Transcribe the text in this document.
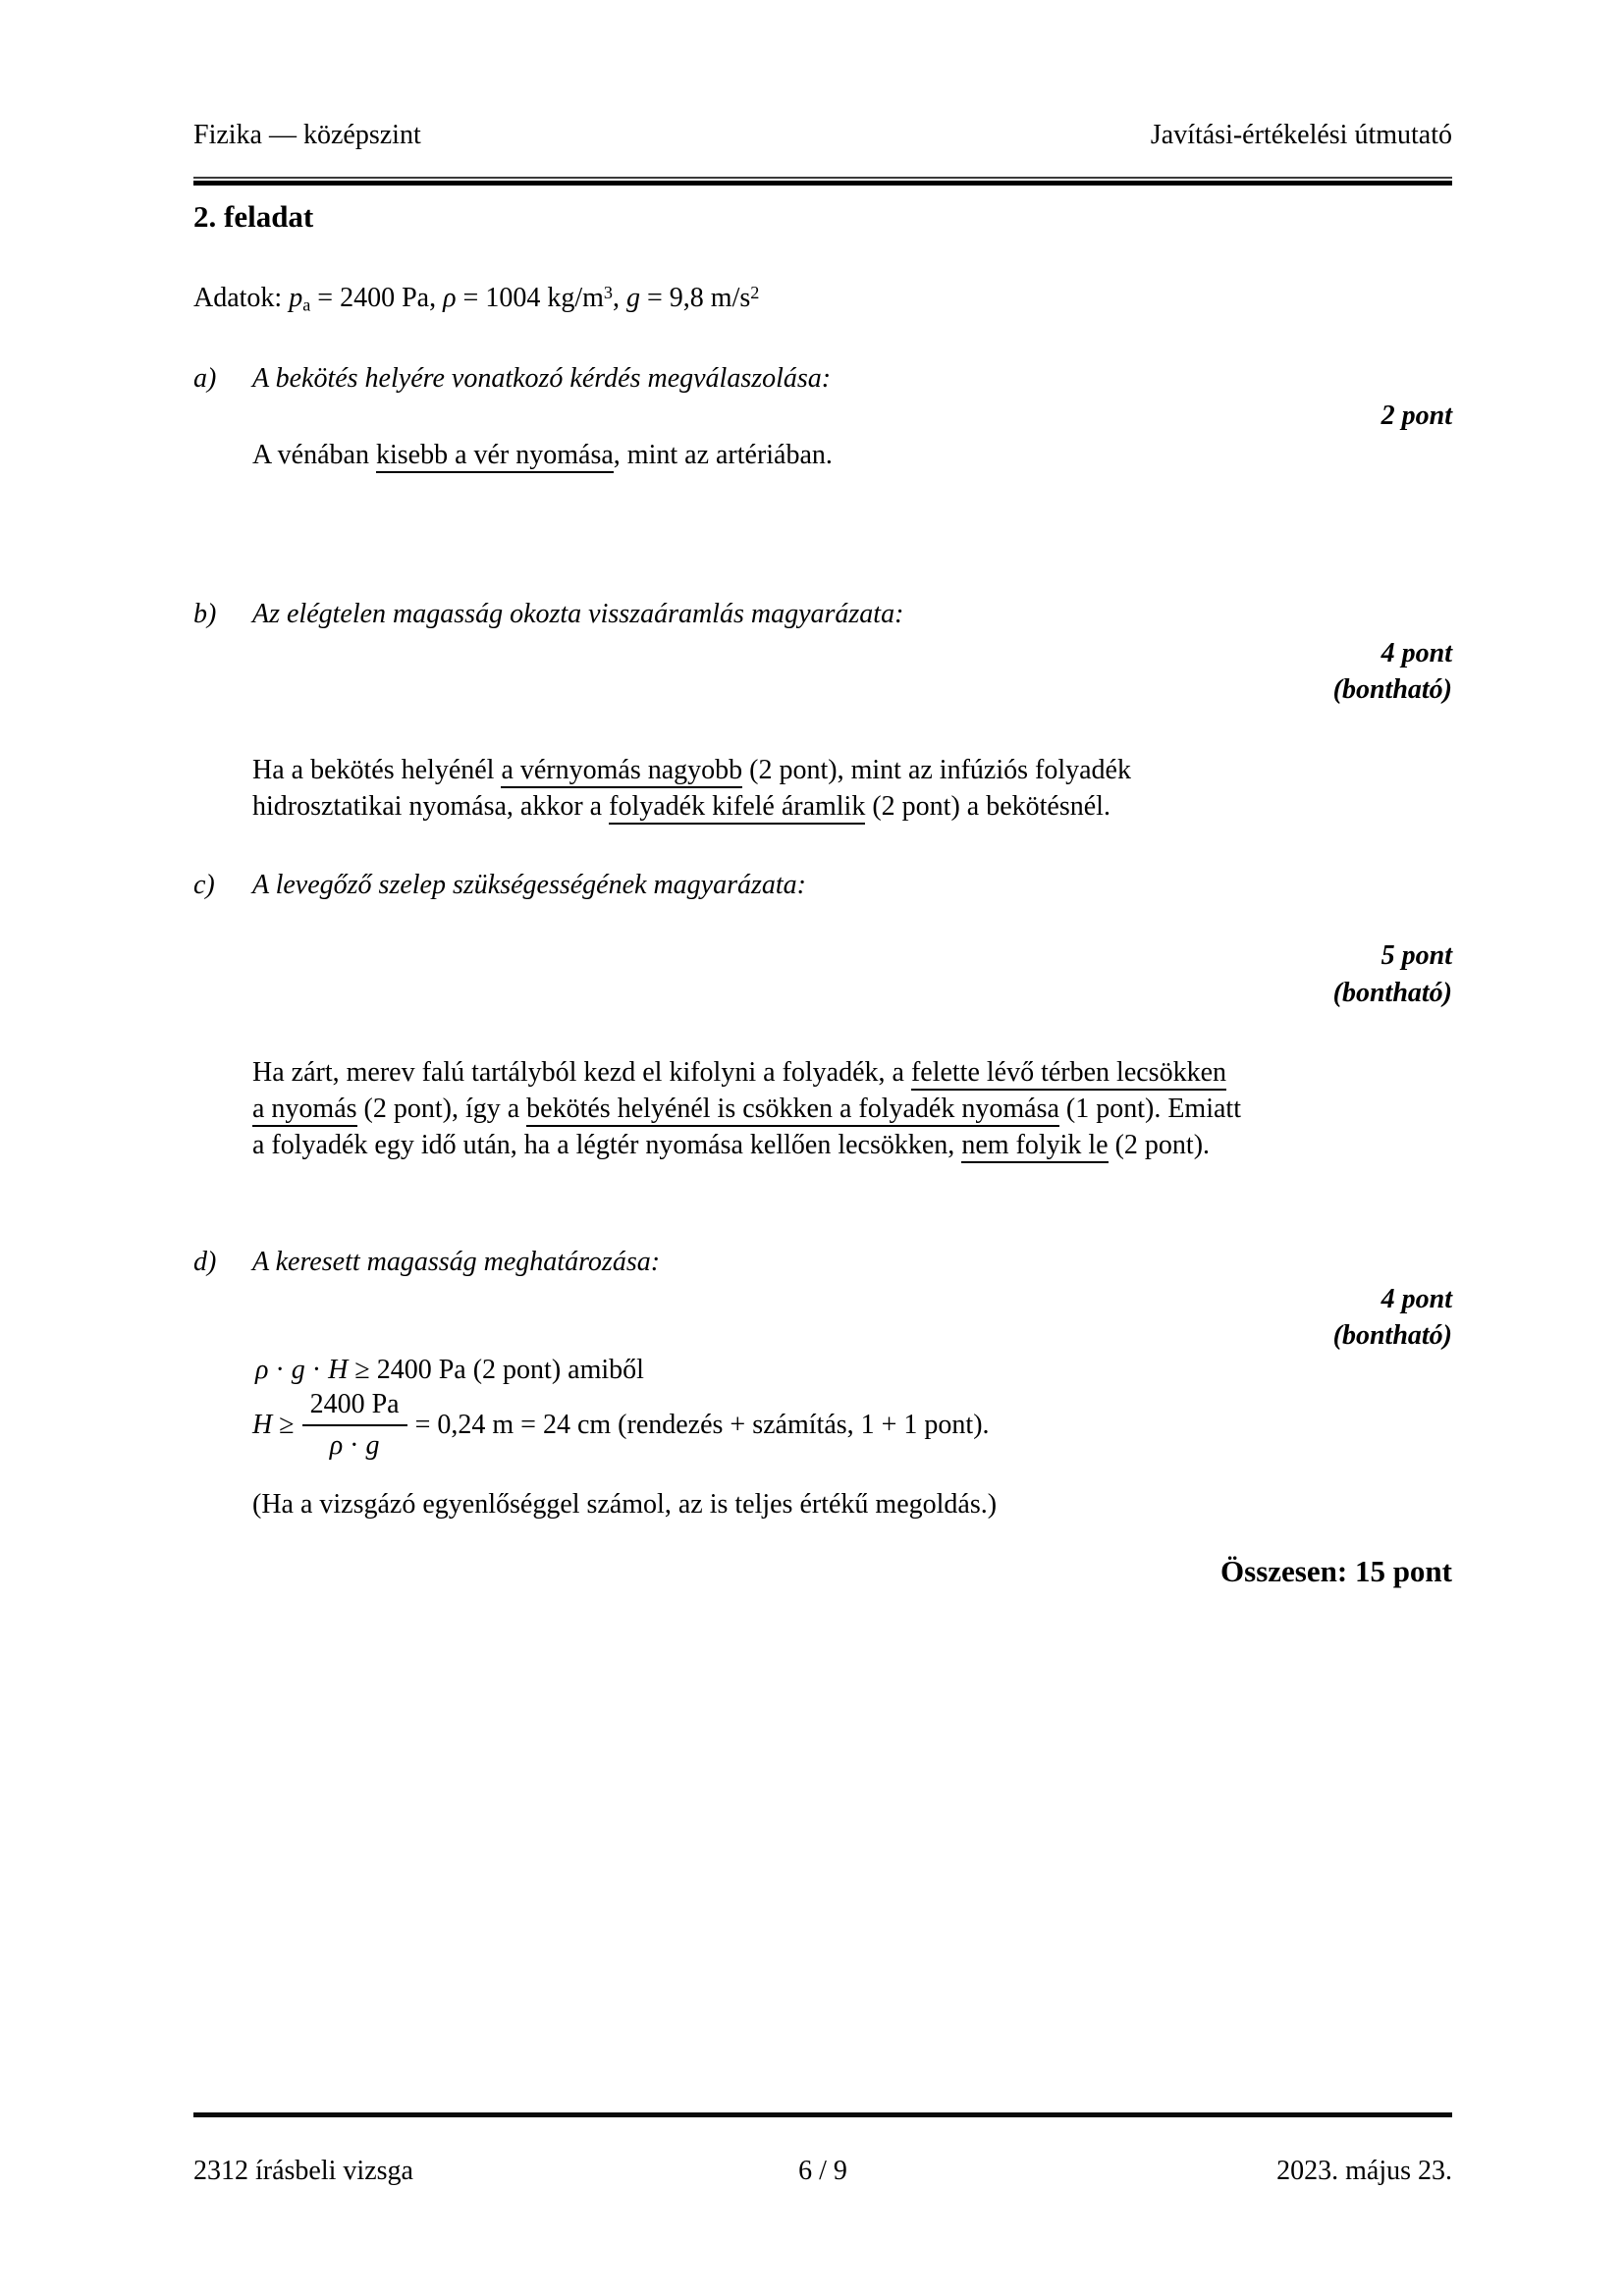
Fizika — középszint	Javítási-értékelési útmutató
2. feladat
Adatok: $p_a = 2400$ Pa, ρ = 1004 $kg/m^3$, g = 9,8 $m/s^2$
a) A bekötés helyére vonatkozó kérdés megválaszolása:
2 pont
A vénában kisebb a vér nyomása, mint az artériában.
b) Az elégtelen magasság okozta visszaáramlás magyarázata:
4 pont
(bontható)
Ha a bekötés helyénél a vérnyomás nagyobb (2 pont), mint az infúziós folyadék
hidrosztatikai nyomása, akkor a folyadék kifelé áramlik (2 pont) a bekötésnél.
c) A levegőző szelep szükségességének magyarázata:
5 pont
(bontható)
Ha zárt, merev falú tartályból kezd el kifolyni a folyadék, a felette lévő térben lecsökken
a nyomás (2 pont), így a bekötés helyénél is csökken a folyadék nyomása (1 pont). Emiatt
a folyadék egy idő után, ha a légtér nyomása kellően lecsökken, nem folyik le (2 pont).
d) A keresett magasság meghatározása:
4 pont
(bontható)
ρ · g · H ≥ 2400 Pa (2 pont) amiből
$H \ge \frac{2400 Pa}{\rho \cdot g} = 0,24$ m = 24 cm (rendezés + számítás, 1 + 1 pont).
(Ha a vizsgázó egyenlőséggel számol, az is teljes értékű megoldás.)
Összesen: 15 pont
2312 írásbeli vizsga	6 / 9	2023. május 23.
